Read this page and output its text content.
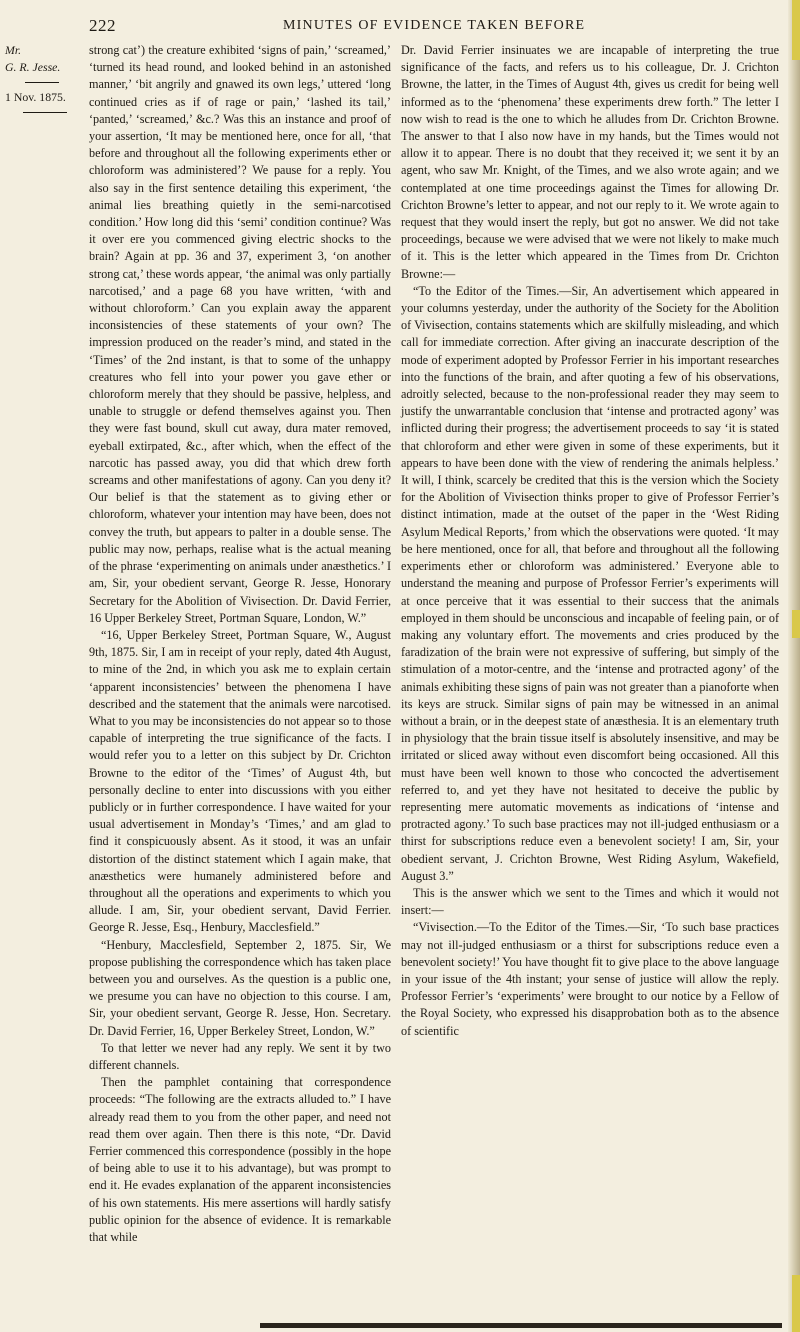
222	MINUTES OF EVIDENCE TAKEN BEFORE
Mr.
G. R. Jesse.
1 Nov. 1875.

strong cat’) the creature exhibited ‘signs of pain,’ ‘screamed,’ ‘turned its head round, and looked behind in an astonished manner,’ ‘bit angrily and gnawed its own legs,’ uttered ‘long continued cries as if of rage or pain,’ ‘lashed its tail,’ ‘panted,’ ‘screamed,’ &c.? Was this an instance and proof of your assertion, ‘It may be mentioned here, once for all, ‘that before and throughout all the following experiments ether or chloroform was administered’? We pause for a reply. You also say in the first sentence detailing this experiment, ‘the animal lies breathing quietly in the semi-narcotised condition.’ How long did this ‘semi’ condition continue? Was it over ere you commenced giving electric shocks to the brain? Again at pp. 36 and 37, experiment 3, ‘on another strong cat,’ these words appear, ‘the animal was only partially narcotised,’ and a page 68 you have written, ‘with and without chloroform.’ Can you explain away the apparent inconsistencies of these statements of your own? The impression produced on the reader’s mind, and stated in the ‘Times’ of the 2nd instant, is that to some of the unhappy creatures who fell into your power you gave ether or chloroform merely that they should be passive, helpless, and unable to struggle or defend themselves against you. Then they were fast bound, skull cut away, dura mater removed, eyeball extirpated, &c., after which, when the effect of the narcotic has passed away, you did that which drew forth screams and other manifestations of agony. Can you deny it? Our belief is that the statement as to giving ether or chloroform, whatever your intention may have been, does not convey the truth, but appears to palter in a double sense. The public may now, perhaps, realise what is the actual meaning of the phrase ‘experimenting on animals under anæsthetics.’ I am, Sir, your obedient servant, George R. Jesse, Honorary Secretary for the Abolition of Vivisection. Dr. David Ferrier, 16 Upper Berkeley Street, Portman Square, London, W.”

“16, Upper Berkeley Street, Portman Square, W., August 9th, 1875. Sir, I am in receipt of your reply, dated 4th August, to mine of the 2nd, in which you ask me to explain certain ‘apparent inconsistencies’ between the phenomena I have described and the statement that the animals were narcotised. What to you may be inconsistencies do not appear so to those capable of interpreting the true significance of the facts. I would refer you to a letter on this subject by Dr. Crichton Browne to the editor of the ‘Times’ of August 4th, but personally decline to enter into discussions with you either publicly or in further correspondence. I have waited for your usual advertisement in Monday’s ‘Times,’ and am glad to find it conspicuously absent. As it stood, it was an unfair distortion of the distinct statement which I again make, that anæsthetics were humanely administered before and throughout all the operations and experiments to which you allude. I am, Sir, your obedient servant, David Ferrier. George R. Jesse, Esq., Henbury, Macclesfield.”

“Henbury, Macclesfield, September 2, 1875. Sir, We propose publishing the correspondence which has taken place between you and ourselves. As the question is a public one, we presume you can have no objection to this course. I am, Sir, your obedient servant, George R. Jesse, Hon. Secretary. Dr. David Ferrier, 16, Upper Berkeley Street, London, W.”

To that letter we never had any reply. We sent it by two different channels.

Then the pamphlet containing that correspondence proceeds: “The following are the extracts alluded to.” I have already read them to you from the other paper, and need not read them over again. Then there is this note, “Dr. David Ferrier commenced this correspondence (possibly in the hope of being able to use it to his advantage), but was prompt to end it. He evades explanation of the apparent inconsistencies of his own statements. His mere assertions will hardly satisfy public opinion for the absence of evidence. It is remarkable that while

Dr. David Ferrier insinuates we are incapable of interpreting the true significance of the facts, and refers us to his colleague, Dr. J. Crichton Browne, the latter, in the Times of August 4th, gives us credit for being well informed as to the ‘phenomena’ these experiments drew forth.” The letter I now wish to read is the one to which he alludes from Dr. Crichton Browne. The answer to that I also now have in my hands, but the Times would not allow it to appear. There is no doubt that they received it; we sent it by an agent, who saw Mr. Knight, of the Times, and we also wrote again; and we contemplated at one time proceedings against the Times for allowing Dr. Crichton Browne’s letter to appear, and not our reply to it. We wrote again to request that they would insert the reply, but got no answer. We did not take proceedings, because we were advised that we were not likely to make much of it. This is the letter which appeared in the Times from Dr. Crichton Browne:—

“To the Editor of the Times.—Sir, An advertisement which appeared in your columns yesterday, under the authority of the Society for the Abolition of Vivisection, contains statements which are skilfully misleading, and which call for immediate correction. After giving an inaccurate description of the mode of experiment adopted by Professor Ferrier in his important researches into the functions of the brain, and after quoting a few of his observations, adroitly selected, because to the non-professional reader they may seem to justify the unwarrantable conclusion that ‘intense and protracted agony’ was inflicted during their progress; the advertisement proceeds to say ‘it is stated that chloroform and ether were given in some of these experiments, but it appears to have been done with the view of rendering the animals helpless.’ It will, I think, scarcely be credited that this is the version which the Society for the Abolition of Vivisection thinks proper to give of Professor Ferrier’s distinct intimation, made at the outset of the paper in the ‘West Riding Asylum Medical Reports,’ from which the observations were quoted. ‘It may be here mentioned, once for all, that before and throughout all the following experiments ether or chloroform was administered.’ Everyone able to understand the meaning and purpose of Professor Ferrier’s experiments will at once perceive that it was essential to their success that the animals employed in them should be unconscious and incapable of feeling pain, or of making any voluntary effort. The movements and cries produced by the faradization of the brain were not expressive of suffering, but simply of the stimulation of a motor-centre, and the ‘intense and protracted agony’ of the animals exhibiting these signs of pain was not greater than a pianoforte when its keys are struck. Similar signs of pain may be witnessed in an animal without a brain, or in the deepest state of anæsthesia. It is an elementary truth in physiology that the brain tissue itself is absolutely insensitive, and may be irritated or sliced away without even discomfort being occasioned. All this must have been well known to those who concocted the advertisement referred to, and yet they have not hesitated to deceive the public by representing mere automatic movements as indications of ‘intense and protracted agony.’ To such base practices may not ill-judged enthusiasm or a thirst for subscriptions reduce even a benevolent society! I am, Sir, your obedient servant, J. Crichton Browne, West Riding Asylum, Wakefield, August 3.”

This is the answer which we sent to the Times and which it would not insert:—

“Vivisection.—To the Editor of the Times.—Sir, ‘To such base practices may not ill-judged enthusiasm or a thirst for subscriptions reduce even a benevolent society!’ You have thought fit to give place to the above language in your issue of the 4th instant; your sense of justice will allow the reply. Professor Ferrier’s ‘experiments’ were brought to our notice by a Fellow of the Royal Society, who expressed his disapprobation both as to the absence of scientific
